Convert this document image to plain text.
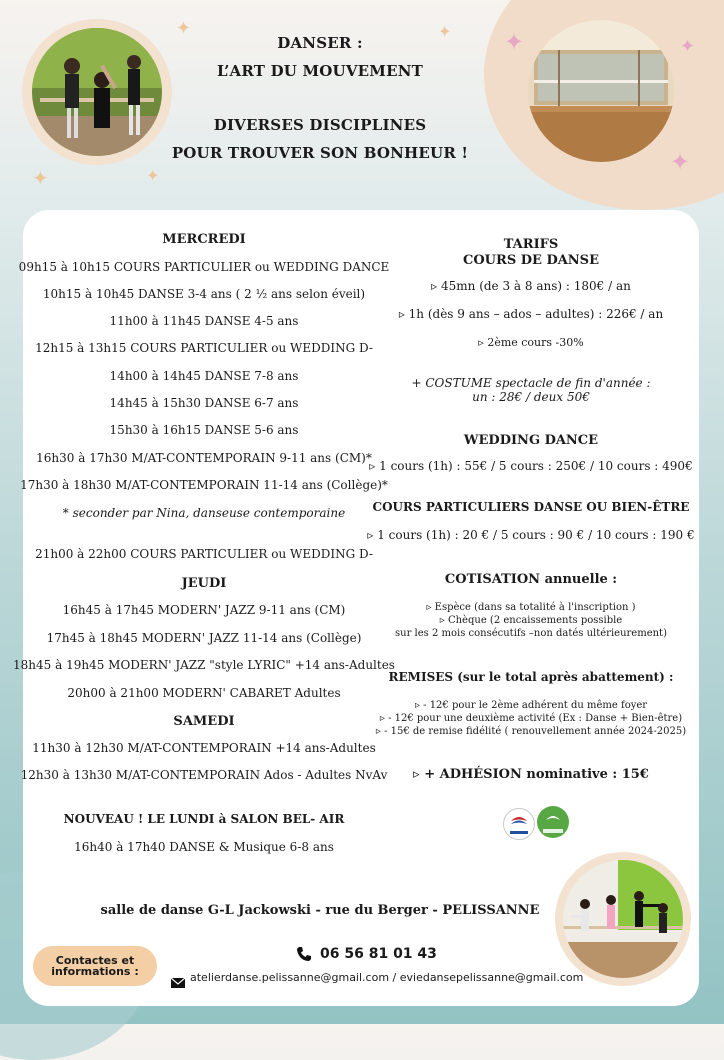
✦	✦ ✦	✦
✦
✦	✦
DANSER :
L’ART DU MOUVEMENT
DIVERSES DISCIPLINES
POUR TROUVER SON BONHEUR !
MERCREDI
09h15 à 10h15 COURS PARTICULIER ou WEDDING DANCE
10h15 à 10h45 DANSE 3-4 ans ( 2 ½ ans selon éveil)
11h00 à 11h45 DANSE 4-5 ans
12h15 à 13h15 COURS PARTICULIER ou WEDDING D-
14h00 à 14h45 DANSE 7-8 ans
14h45 à 15h30 DANSE 6-7 ans
15h30 à 16h15 DANSE 5-6 ans
16h30 à 17h30 M/AT-CONTEMPORAIN 9-11 ans (CM)*
17h30 à 18h30 M/AT-CONTEMPORAIN 11-14 ans (Collège)*
* seconder par Nina, danseuse contemporaine
21h00 à 22h00 COURS PARTICULIER ou WEDDING D-
JEUDI
16h45 à 17h45 MODERN' JAZZ 9-11 ans (CM)
17h45 à 18h45 MODERN' JAZZ 11-14 ans (Collège)
18h45 à 19h45 MODERN' JAZZ "style LYRIC" +14 ans-Adultes
20h00 à 21h00 MODERN' CABARET Adultes
SAMEDI
11h30 à 12h30 M/AT-CONTEMPORAIN +14 ans-Adultes
12h30 à 13h30 M/AT-CONTEMPORAIN Ados - Adultes NvAv
NOUVEAU ! LE LUNDI à SALON BEL- AIR
16h40 à 17h40 DANSE & Musique 6-8 ans
TARIFS
COURS DE DANSE
▹ 45mn (de 3 à 8 ans) : 180€ / an
▹ 1h (dès 9 ans – ados – adultes) : 226€ / an
▹ 2ème cours -30%
+ COSTUME spectacle de fin d'année :
un : 28€ / deux 50€
WEDDING DANCE
▹ 1 cours (1h) : 55€ / 5 cours : 250€ / 10 cours : 490€
COURS PARTICULIERS DANSE OU BIEN-ÊTRE
▹ 1 cours (1h) : 20 € / 5 cours : 90 € / 10 cours : 190 €
COTISATION annuelle :
▹ Espèce (dans sa totalité à l'inscription )
▹ Chèque (2 encaissements possible
sur les 2 mois consécutifs –non datés ultérieurement)
REMISES (sur le total après abattement) :
▹ - 12€ pour le 2ème adhérent du même foyer
▹ - 12€ pour une deuxième activité (Ex : Danse + Bien-être)
▹ - 15€ de remise fidélité ( renouvellement année 2024-2025)
▹ + ADHÉSION nominative : 15€
salle de danse G-L Jackowski - rue du Berger - PELISSANNE
Contactes et
informations :
06 56 81 01 43
atelierdanse.pelissanne@gmail.com / eviedansepelissanne@gmail.com
